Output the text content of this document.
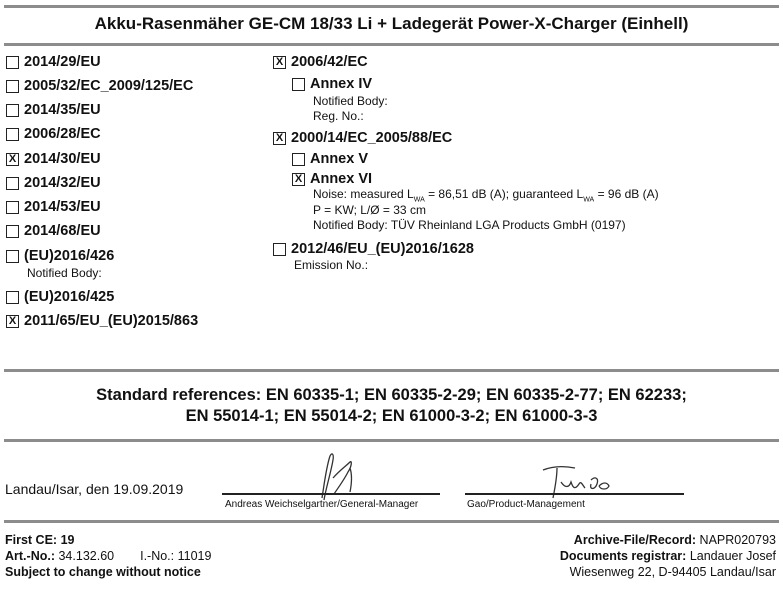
Akku-Rasenmäher GE-CM 18/33 Li + Ladegerät Power-X-Charger (Einhell)
2014/29/EU
2005/32/EC_2009/125/EC
2014/35/EU
2006/28/EC
X 2014/30/EU
2014/32/EU
2014/53/EU
2014/68/EU
(EU)2016/426
Notified Body:
(EU)2016/425
X 2011/65/EU_(EU)2015/863
X 2006/42/EC
Annex IV
Notified Body:
Reg. No.:
X 2000/14/EC_2005/88/EC
Annex V
X Annex VI
Noise: measured $L_{WA} = 86,51$ dB (A); guaranteed $L_{WA} = 96$ dB (A)
P = KW; L/Ø = 33 cm
Notified Body: TÜV Rheinland LGA Products GmbH (0197)
2012/46/EU_(EU)2016/1628
Emission No.:
Standard references: EN 60335-1; EN 60335-2-29; EN 60335-2-77; EN 62233;
EN 55014-1; EN 55014-2; EN 61000-3-2; EN 61000-3-3
Landau/Isar, den 19.09.2019
Andreas Weichselgartner/General-Manager	Gao/Product-Management
First CE: 19
Art.-No.: 34.132.60 I.-No.: 11019
Subject to change without notice
Archive-File/Record: NAPR020793
Documents registrar: Landauer Josef
Wiesenweg 22, D-94405 Landau/Isar
